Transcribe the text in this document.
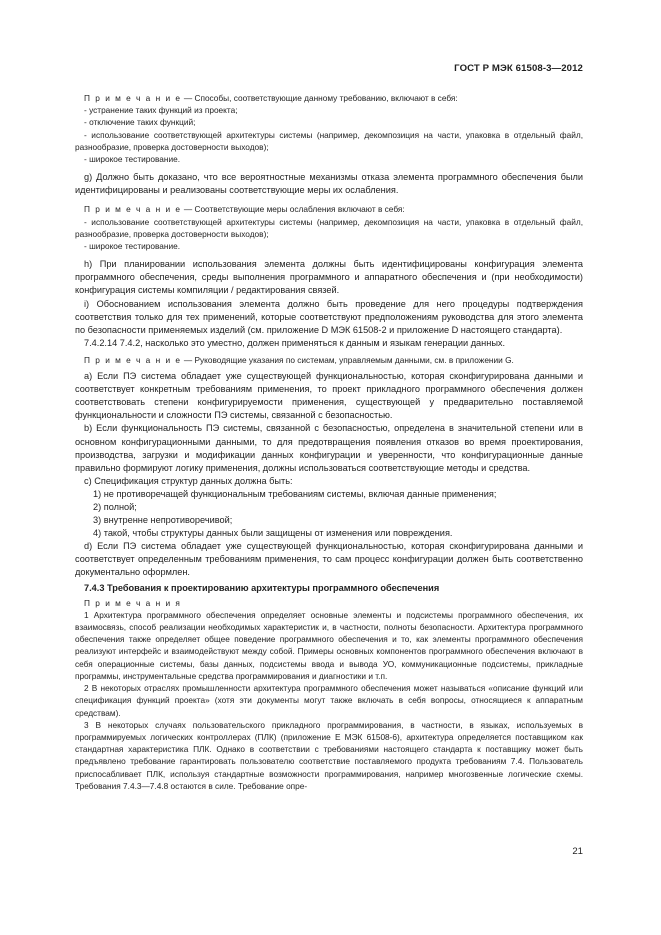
ГОСТ Р МЭК 61508-3—2012

П р и м е ч а н и е — Способы, соответствующие данному требованию, включают в себя:

- устранение таких функций из проекта;

- отключение таких функций;

- использование соответствующей архитектуры системы (например, декомпозиция на части, упаковка в отдельный файл, разнообразие, проверка достоверности выходов);

- широкое тестирование.

g) Должно быть доказано, что все вероятностные механизмы отказа элемента программного обеспечения были идентифицированы и реализованы соответствующие меры их ослабления.

П р и м е ч а н и е — Соответствующие меры ослабления включают в себя:

- использование соответствующей архитектуры системы (например, декомпозиция на части, упаковка в отдельный файл, разнообразие, проверка достоверности выходов);

- широкое тестирование.

h) При планировании использования элемента должны быть идентифицированы конфигурация элемента программного обеспечения, среды выполнения программного и аппаратного обеспечения и (при необходимости) конфигурация системы компиляции / редактирования связей.

i) Обоснованием использования элемента должно быть проведение для него процедуры подтверждения соответствия только для тех применений, которые соответствуют предположениям руководства для этого элемента по безопасности применяемых изделий (см. приложение D МЭК 61508-2 и приложение D настоящего стандарта).

7.4.2.14 7.4.2, насколько это уместно, должен применяться к данным и языкам генерации данных.

П р и м е ч а н и е — Руководящие указания по системам, управляемым данными, см. в приложении G.

a) Если ПЭ система обладает уже существующей функциональностью, которая сконфигурирована данными и соответствует конкретным требованиям применения, то проект прикладного программного обеспечения должен соответствовать степени конфигурируемости применения, существующей у предварительно поставляемой функциональности и сложности ПЭ системы, связанной с безопасностью.

b) Если функциональность ПЭ системы, связанной с безопасностью, определена в значительной степени или в основном конфигурационными данными, то для предотвращения появления отказов во время проектирования, производства, загрузки и модификации данных конфигурации и уверенности, что конфигурационные данные правильно формируют логику применения, должны использоваться соответствующие методы и средства.

c) Спецификация структур данных должна быть:

1) не противоречащей функциональным требованиям системы, включая данные применения;

2) полной;

3) внутренне непротиворечивой;

4) такой, чтобы структуры данных были защищены от изменения или повреждения.

d) Если ПЭ система обладает уже существующей функциональностью, которая сконфигурирована данными и соответствует определенным требованиям применения, то сам процесс конфигурации должен быть соответственно документально оформлен.

7.4.3 Требования к проектированию архитектуры программного обеспечения

П р и м е ч а н и я

1 Архитектура программного обеспечения определяет основные элементы и подсистемы программного обеспечения, их взаимосвязь, способ реализации необходимых характеристик и, в частности, полноты безопасности. Архитектура программного обеспечения также определяет общее поведение программного обеспечения и то, как элементы программного обеспечения реализуют интерфейс и взаимодействуют между собой. Примеры основных компонентов программного обеспечения включают в себя операционные системы, базы данных, подсистемы ввода и вывода УО, коммуникационные подсистемы, прикладные программы, инструментальные средства программирования и диагностики и т.п.

2 В некоторых отраслях промышленности архитектура программного обеспечения может называться «описание функций или спецификация функций проекта» (хотя эти документы могут также включать в себя вопросы, относящиеся к аппаратным средствам).

3 В некоторых случаях пользовательского прикладного программирования, в частности, в языках, используемых в программируемых логических контроллерах (ПЛК) (приложение Е МЭК 61508-6), архитектура определяется поставщиком как стандартная характеристика ПЛК. Однако в соответствии с требованиями настоящего стандарта к поставщику может быть предъявлено требование гарантировать пользователю соответствие поставляемого продукта требованиям 7.4. Пользователь приспосабливает ПЛК, используя стандартные возможности программирования, например многозвенные логические схемы. Требования 7.4.3—7.4.8 остаются в силе. Требование опре-

21
